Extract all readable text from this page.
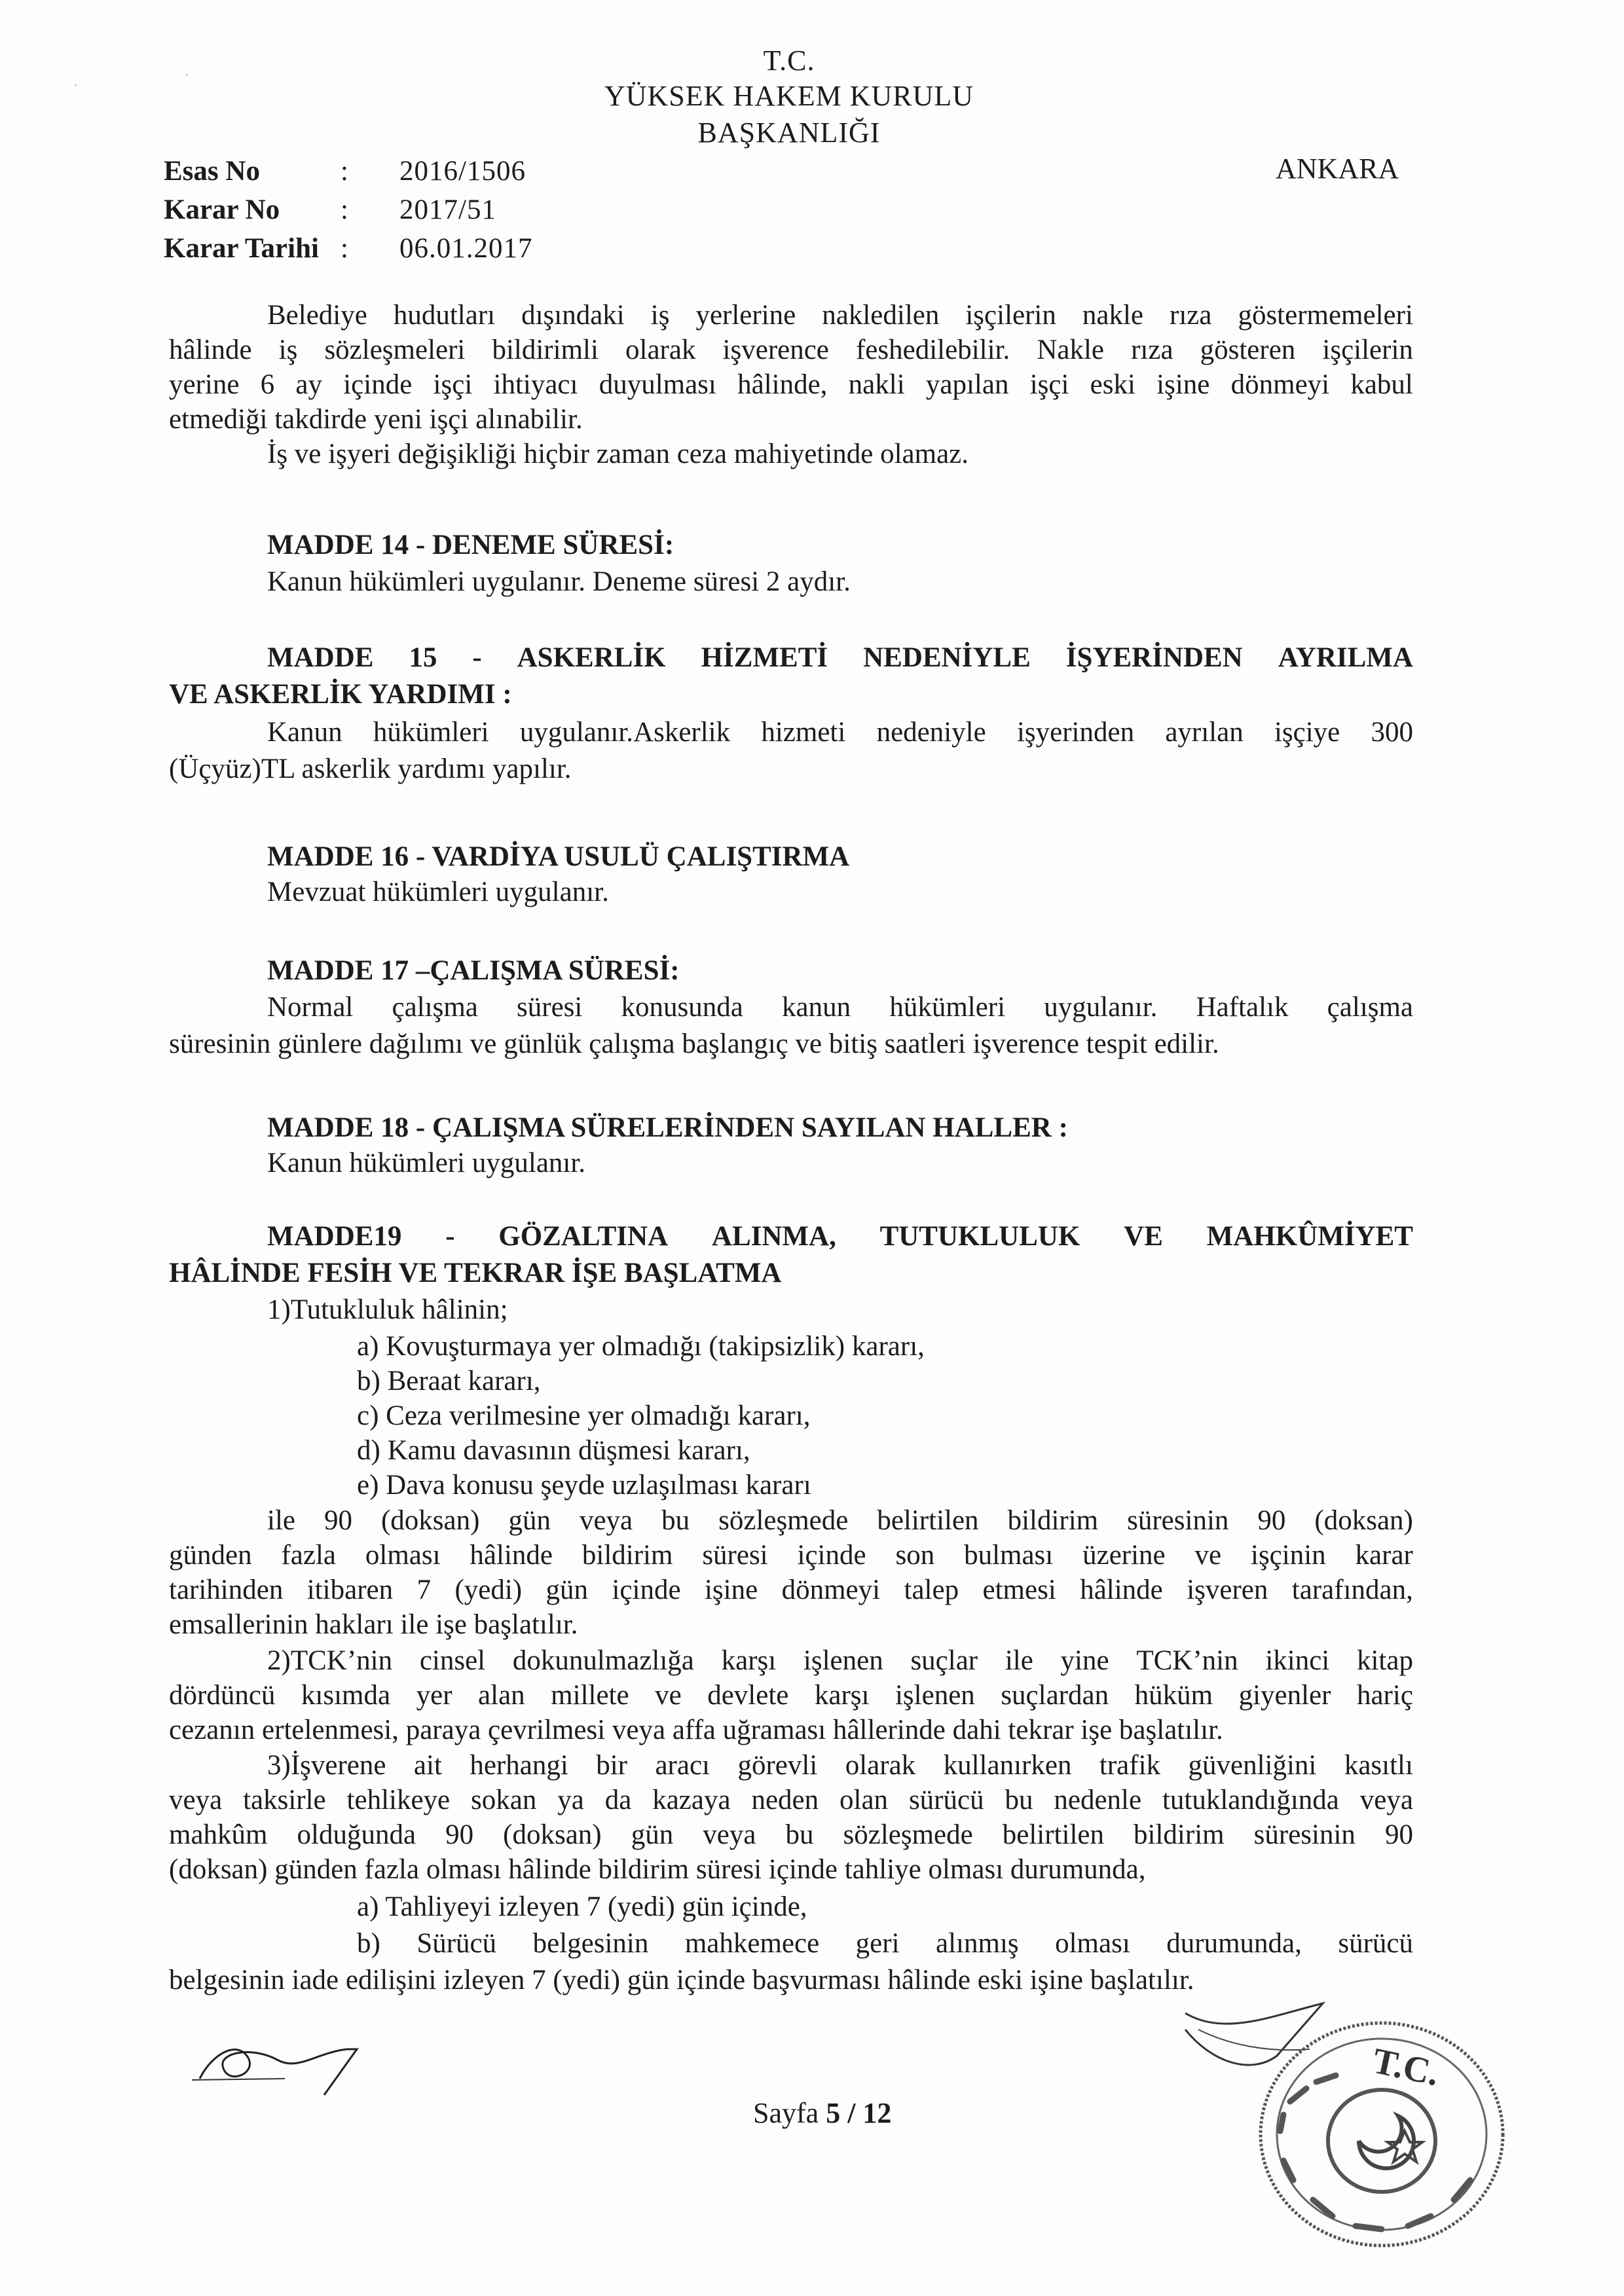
T.C.
YÜKSEK HAKEM KURULU
BAŞKANLIĞI
ANKARA
Esas No	: 2016/1506
Karar No : 2017/51
Karar Tarihi : 06.01.2017
Belediye hudutları dışındaki iş yerlerine nakledilen işçilerin nakle rıza göstermemeleri
hâlinde iş sözleşmeleri bildirimli olarak işverence feshedilebilir. Nakle rıza gösteren işçilerin
yerine 6 ay içinde işçi ihtiyacı duyulması hâlinde, nakli yapılan işçi eski işine dönmeyi kabul
etmediği takdirde yeni işçi alınabilir.
İş ve işyeri değişikliği hiçbir zaman ceza mahiyetinde olamaz.
MADDE 14 - DENEME SÜRESİ:
Kanun hükümleri uygulanır. Deneme süresi 2 aydır.
MADDE 15 - ASKERLİK HİZMETİ NEDENİYLE İŞYERİNDEN AYRILMA
VE ASKERLİK YARDIMI :
Kanun hükümleri uygulanır.Askerlik hizmeti nedeniyle işyerinden ayrılan işçiye 300
(Üçyüz)TL askerlik yardımı yapılır.
MADDE 16 - VARDİYA USULÜ ÇALIŞTIRMA
Mevzuat hükümleri uygulanır.
MADDE 17 –ÇALIŞMA SÜRESİ:
Normal çalışma süresi konusunda kanun hükümleri uygulanır. Haftalık çalışma
süresinin günlere dağılımı ve günlük çalışma başlangıç ve bitiş saatleri işverence tespit edilir.
MADDE 18 - ÇALIŞMA SÜRELERİNDEN SAYILAN HALLER :
Kanun hükümleri uygulanır.
MADDE19 - GÖZALTINA ALINMA, TUTUKLULUK VE MAHKÛMİYET
HÂLİNDE FESİH VE TEKRAR İŞE BAŞLATMA
1)Tutukluluk hâlinin;
a) Kovuşturmaya yer olmadığı (takipsizlik) kararı,
b) Beraat kararı,
c) Ceza verilmesine yer olmadığı kararı,
d) Kamu davasının düşmesi kararı,
e) Dava konusu şeyde uzlaşılması kararı
ile 90 (doksan) gün veya bu sözleşmede belirtilen bildirim süresinin 90 (doksan)
günden fazla olması hâlinde bildirim süresi içinde son bulması üzerine ve işçinin karar
tarihinden itibaren 7 (yedi) gün içinde işine dönmeyi talep etmesi hâlinde işveren tarafından,
emsallerinin hakları ile işe başlatılır.
2)TCK’nin cinsel dokunulmazlığa karşı işlenen suçlar ile yine TCK’nin ikinci kitap
dördüncü kısımda yer alan millete ve devlete karşı işlenen suçlardan hüküm giyenler hariç
cezanın ertelenmesi, paraya çevrilmesi veya affa uğraması hâllerinde dahi tekrar işe başlatılır.
3)İşverene ait herhangi bir aracı görevli olarak kullanırken trafik güvenliğini kasıtlı
veya taksirle tehlikeye sokan ya da kazaya neden olan sürücü bu nedenle tutuklandığında veya
mahkûm olduğunda 90 (doksan) gün veya bu sözleşmede belirtilen bildirim süresinin 90
(doksan) günden fazla olması hâlinde bildirim süresi içinde tahliye olması durumunda,
a) Tahliyeyi izleyen 7 (yedi) gün içinde,
b) Sürücü belgesinin mahkemece geri alınmış olması durumunda, sürücü
belgesinin iade edilişini izleyen 7 (yedi) gün içinde başvurması hâlinde eski işine başlatılır.
T.C.
Sayfa 5 / 12
·
·
